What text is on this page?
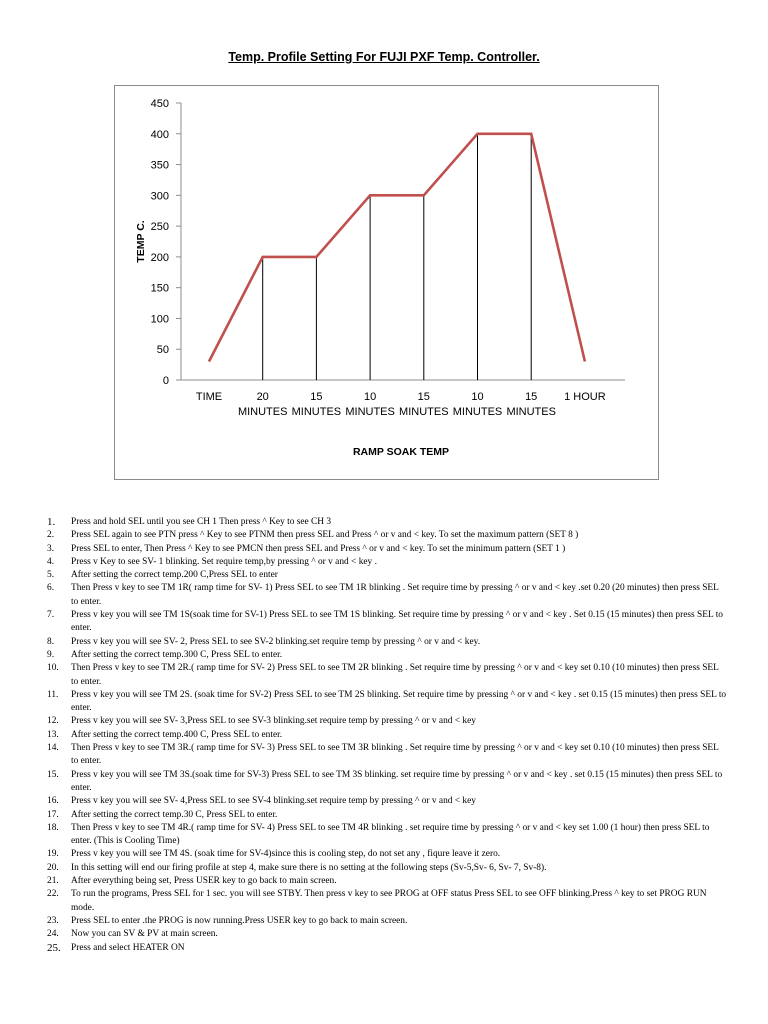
Temp. Profile Setting For FUJI PXF Temp. Controller.
0
50
100
150
200
250
300
350
400
450
TEMP C.
TIME	20
MINUTES
15
MINUTES
10
MINUTES
15
MINUTES
10
MINUTES
15
MINUTES
1 HOUR
RAMP SOAK TEMP
1.	Press and hold SEL until you see CH 1 Then press ^ Key to see CH 3
2.	Press SEL again to see PTN press ^ Key to see PTNM then press SEL and Press ^ or v and < key. To set the maximum pattern (SET 8 )
3.	Press SEL to enter, Then Press ^ Key to see PMCN then press SEL and Press ^ or v and < key. To set the minimum pattern (SET 1 )
4.	Press v Key to see SV- 1 blinking. Set require temp,by pressing ^ or v and < key .
5.	After setting the correct temp.200 C,Press SEL to enter
6.	Then Press v key to see TM 1R( ramp time for SV- 1) Press SEL to see TM 1R blinking . Set require time by pressing ^ or v and < key .set 0.20 (20 minutes) then press SEL to enter.
7.	Press v key you will see TM 1S(soak time for SV-1) Press SEL to see TM 1S blinking. Set require time by pressing ^ or v and < key . Set 0.15 (15 minutes) then press SEL to enter.
8.	Press v key you will see SV- 2, Press SEL to see SV-2 blinking.set require temp by pressing ^ or v and < key.
9.	After setting the correct temp.300 C, Press SEL to enter.
10.	Then Press v key to see TM 2R.( ramp time for SV- 2) Press SEL to see TM 2R blinking . Set require time by pressing ^ or v and < key set 0.10 (10 minutes) then press SEL to enter.
11.	Press v key you will see TM 2S. (soak time for SV-2) Press SEL to see TM 2S blinking. Set require time by pressing ^ or v and < key . set 0.15 (15 minutes) then press SEL to enter.
12.	Press v key you will see SV- 3,Press SEL to see SV-3 blinking.set require temp by pressing ^ or v and < key
13.	After setting the correct temp.400 C, Press SEL to enter.
14.	Then Press v key to see TM 3R.( ramp time for SV- 3) Press SEL to see TM 3R blinking . Set require time by pressing ^ or v and < key set 0.10 (10 minutes) then press SEL to enter.
15.	Press v key you will see TM 3S.(soak time for SV-3) Press SEL to see TM 3S blinking. set require time by pressing ^ or v and < key . set 0.15 (15 minutes) then press SEL to enter.
16.	Press v key you will see SV- 4,Press SEL to see SV-4 blinking.set require temp by pressing ^ or v and < key
17.	After setting the correct temp.30 C, Press SEL to enter.
18.	Then Press v key to see TM 4R.( ramp time for SV- 4) Press SEL to see TM 4R blinking . set require time by pressing ^ or v and < key set 1.00 (1 hour) then press SEL to enter. (This is Cooling Time)
19.	Press v key you will see TM 4S. (soak time for SV-4)since this is cooling step, do not set any , fiqure leave it zero.
20.	In this setting will end our firing profile at step 4, make sure there is no setting at the following steps (Sv-5,Sv- 6, Sv- 7, Sv-8).
21.	After everything being set, Press USER key to go back to main screen.
22.	To run the programs, Press SEL for 1 sec. you will see STBY. Then press v key to see PROG at OFF status Press SEL to see OFF blinking.Press ^ key to set PROG RUN mode.
23.	Press SEL to enter .the PROG is now running.Press USER key to go back to main screen.
24.	Now you can SV & PV at main screen.
25.	Press and select HEATER ON
